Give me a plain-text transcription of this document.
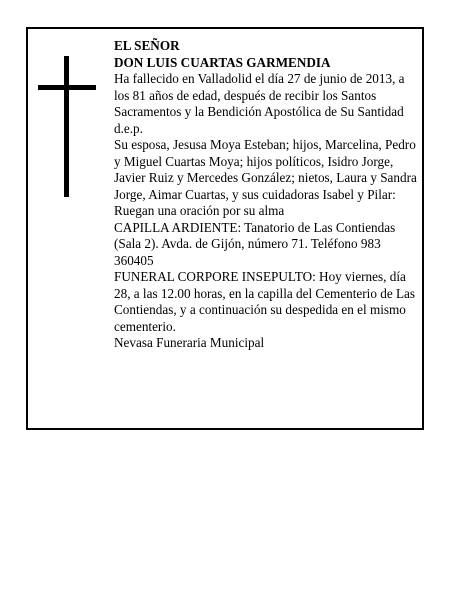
EL SEÑOR

DON LUIS CUARTAS GARMENDIA

Ha fallecido en Valladolid el día 27 de junio de 2013, a los 81 años de edad, después de recibir los Santos Sacramentos y la Bendición Apostólica de Su Santidad d.e.p.

Su esposa, Jesusa Moya Esteban; hijos, Marcelina, Pedro y Miguel Cuartas Moya; hijos políticos, Isidro Jorge, Javier Ruiz y Mercedes González; nietos, Laura y Sandra Jorge, Aimar Cuartas, y sus cuidadoras Isabel y Pilar:

Ruegan una oración por su alma

CAPILLA ARDIENTE: Tanatorio de Las Contiendas (Sala 2). Avda. de Gijón, número 71. Teléfono 983 360405

FUNERAL CORPORE INSEPULTO: Hoy viernes, día 28, a las 12.00 horas, en la capilla del Cementerio de Las Contiendas, y a continuación su despedida en el mismo cementerio.

Nevasa Funeraria Municipal
